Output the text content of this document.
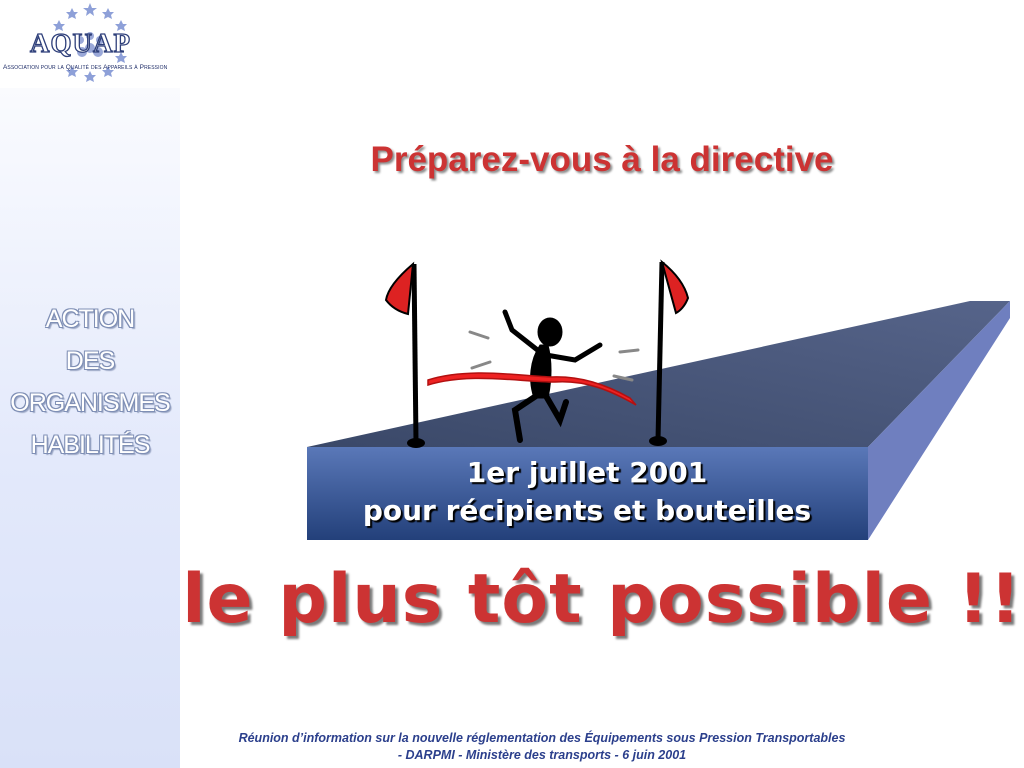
AQUAP
Association pour la Qualité des Appareils à Pression
ACTION
DES
ORGANISMES
HABILITÉS
Préparez-vous à la directive
1er juillet 2001
pour récipients et bouteilles
le plus tôt possible !!
Réunion d’information sur la nouvelle réglementation des Équipements sous Pression Transportables
- DARPMI - Ministère des transports - 6 juin 2001
